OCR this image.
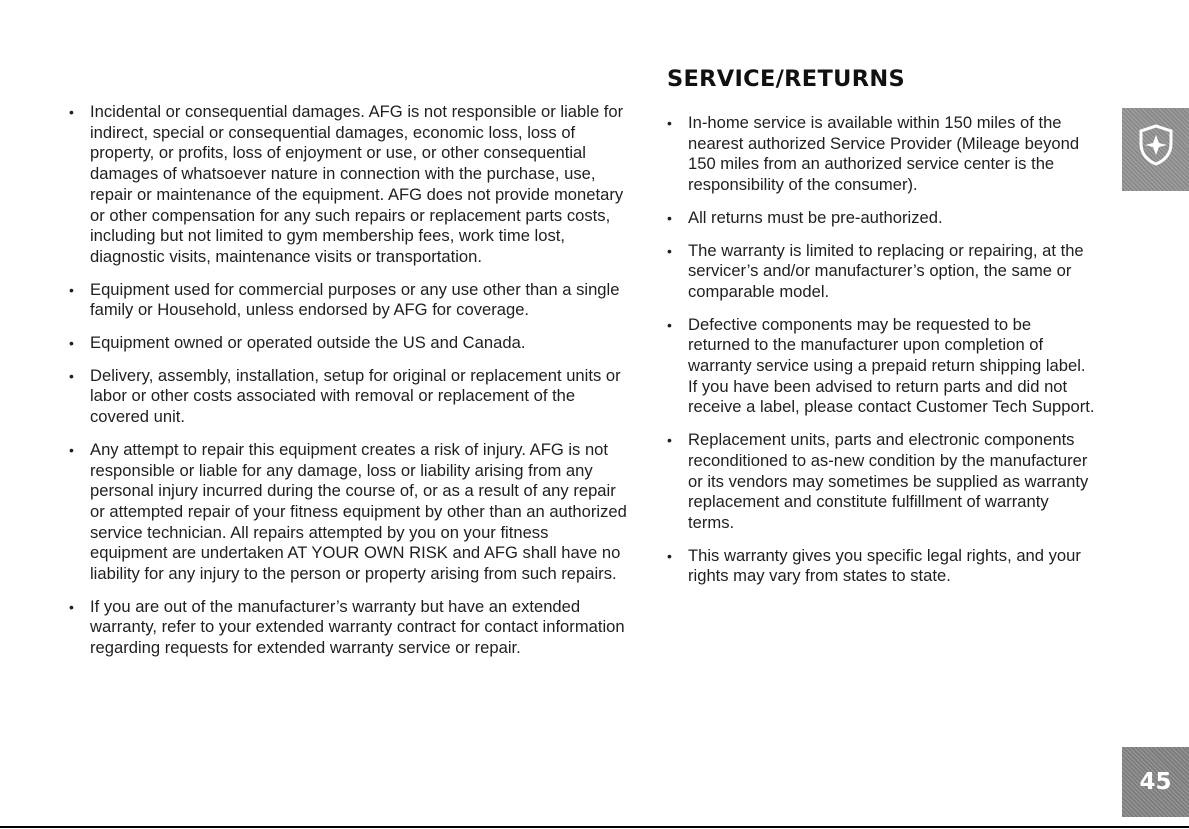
• Incidental or consequential damages. AFG is not responsible or liable for indirect, special or consequential damages, economic loss, loss of property, or profits, loss of enjoyment or use, or other consequential damages of whatsoever nature in connection with the purchase, use, repair or maintenance of the equipment. AFG does not provide monetary or other compensation for any such repairs or replacement parts costs, including but not limited to gym membership fees, work time lost, diagnostic visits, maintenance visits or transportation.
• Equipment used for commercial purposes or any use other than a single family or Household, unless endorsed by AFG for coverage.
• Equipment owned or operated outside the US and Canada.
• Delivery, assembly, installation, setup for original or replacement units or labor or other costs associated with removal or replacement of the covered unit.
• Any attempt to repair this equipment creates a risk of injury. AFG is not responsible or liable for any damage, loss or liability arising from any personal injury incurred during the course of, or as a result of any repair or attempted repair of your fitness equipment by other than an authorized service technician. All repairs attempted by you on your fitness equipment are undertaken AT YOUR OWN RISK and AFG shall have no liability for any injury to the person or property arising from such repairs.
• If you are out of the manufacturer’s warranty but have an extended warranty, refer to your extended warranty contract for contact information regarding requests for extended warranty service or repair.
SERVICE/RETURNS
• In-home service is available within 150 miles of the nearest authorized Service Provider (Mileage beyond 150 miles from an authorized service center is the responsibility of the consumer).
• All returns must be pre-authorized.
• The warranty is limited to replacing or repairing, at the servicer’s and/or manufacturer’s option, the same or comparable model.
• Defective components may be requested to be returned to the manufacturer upon completion of warranty service using a prepaid return shipping label. If you have been advised to return parts and did not receive a label, please contact Customer Tech Support.
• Replacement units, parts and electronic components reconditioned to as-new condition by the manufacturer or its vendors may sometimes be supplied as warranty replacement and constitute fulfillment of warranty terms.
• This warranty gives you specific legal rights, and your rights may vary from states to state.
45
